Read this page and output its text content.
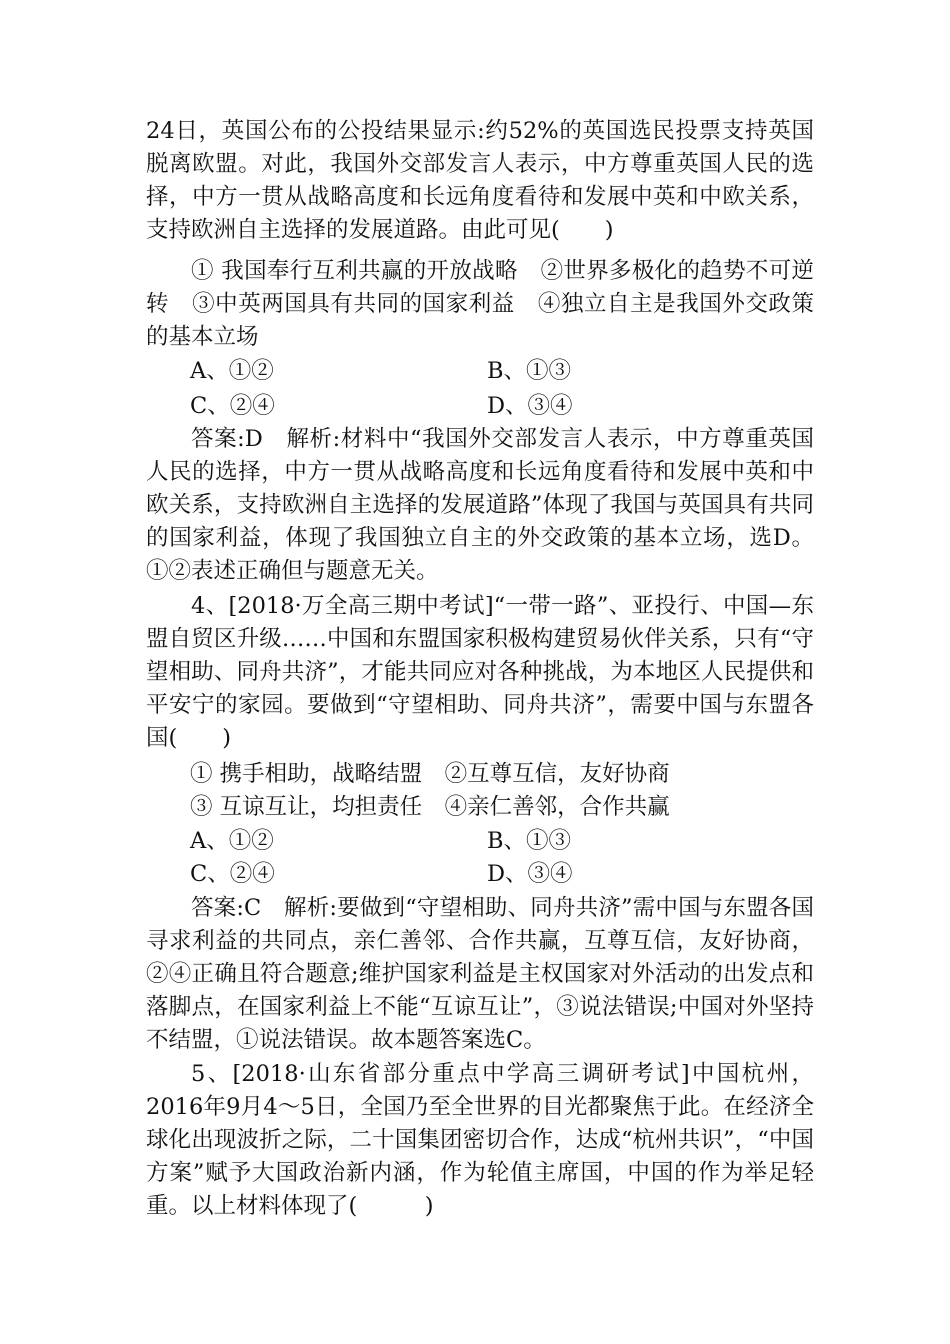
24日，英国公布的公投结果显示:约52%的英国选民投票支持英国脱离欧盟。对此，我国外交部发言人表示，中方尊重英国人民的选择，中方一贯从战略高度和长远角度看待和发展中英和中欧关系，支持欧洲自主选择的发展道路。由此可见(　　)

① 我国奉行互利共赢的开放战略　②世界多极化的趋势不可逆转　③中英两国具有共同的国家利益　④独立自主是我国外交政策的基本立场

A、①②	B、①③
C、②④	D、③④

答案:D　解析:材料中“我国外交部发言人表示，中方尊重英国人民的选择，中方一贯从战略高度和长远角度看待和发展中英和中欧关系，支持欧洲自主选择的发展道路”体现了我国与英国具有共同的国家利益，体现了我国独立自主的外交政策的基本立场，选D。①②表述正确但与题意无关。

4、[2018·万全高三期中考试]“一带一路”、亚投行、中国—东盟自贸区升级……中国和东盟国家积极构建贸易伙伴关系，只有“守望相助、同舟共济”，才能共同应对各种挑战，为本地区人民提供和平安宁的家园。要做到“守望相助、同舟共济”，需要中国与东盟各国(　　)

① 携手相助，战略结盟　②互尊互信，友好协商

③ 互谅互让，均担责任　④亲仁善邻，合作共赢

A、①②	B、①③
C、②④	D、③④

答案:C　解析:要做到“守望相助、同舟共济”需中国与东盟各国寻求利益的共同点，亲仁善邻、合作共赢，互尊互信，友好协商，②④正确且符合题意;维护国家利益是主权国家对外活动的出发点和落脚点，在国家利益上不能“互谅互让”，③说法错误;中国对外坚持不结盟，①说法错误。故本题答案选C。

5、[2018·山东省部分重点中学高三调研考试]中国杭州，2016年9月4～5日，全国乃至全世界的目光都聚焦于此。在经济全球化出现波折之际，二十国集团密切合作，达成“杭州共识”，“中国方案”赋予大国政治新内涵，作为轮值主席国，中国的作为举足轻重。以上材料体现了(　　　)
